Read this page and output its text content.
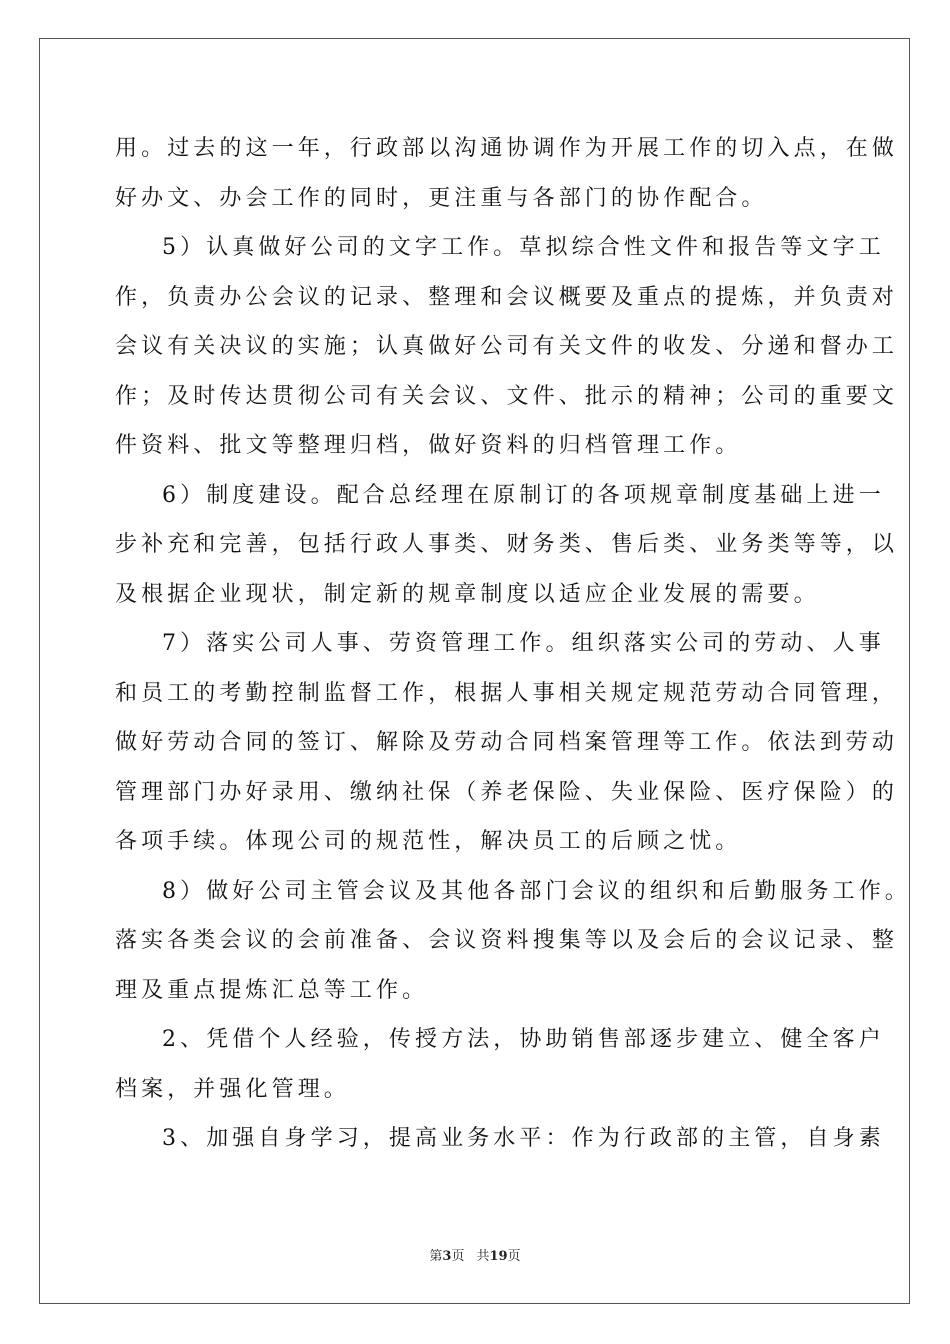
用。过去的这一年，行政部以沟通协调作为开展工作的切入点，在做
好办文、办会工作的同时，更注重与各部门的协作配合。
5）认真做好公司的文字工作。草拟综合性文件和报告等文字工
作，负责办公会议的记录、整理和会议概要及重点的提炼，并负责对
会议有关决议的实施；认真做好公司有关文件的收发、分递和督办工
作；及时传达贯彻公司有关会议、文件、批示的精神；公司的重要文
件资料、批文等整理归档，做好资料的归档管理工作。
6）制度建设。配合总经理在原制订的各项规章制度基础上进一
步补充和完善，包括行政人事类、财务类、售后类、业务类等等，以
及根据企业现状，制定新的规章制度以适应企业发展的需要。
7）落实公司人事、劳资管理工作。组织落实公司的劳动、人事
和员工的考勤控制监督工作，根据人事相关规定规范劳动合同管理，
做好劳动合同的签订、解除及劳动合同档案管理等工作。依法到劳动
管理部门办好录用、缴纳社保（养老保险、失业保险、医疗保险）的
各项手续。体现公司的规范性，解决员工的后顾之忧。
8）做好公司主管会议及其他各部门会议的组织和后勤服务工作。
落实各类会议的会前准备、会议资料搜集等以及会后的会议记录、整
理及重点提炼汇总等工作。
2、凭借个人经验，传授方法，协助销售部逐步建立、健全客户
档案，并强化管理。
3、加强自身学习，提高业务水平：作为行政部的主管，自身素
第3页 共19页
